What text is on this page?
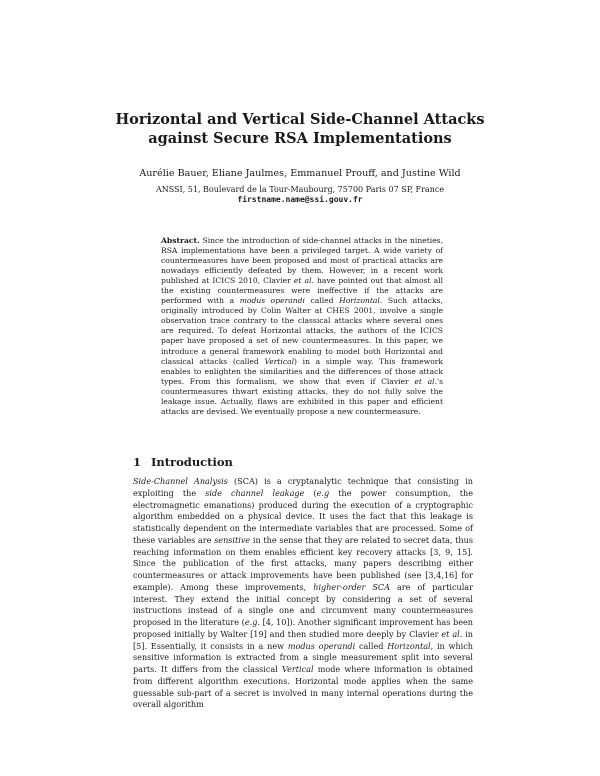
Horizontal and Vertical Side-Channel Attacks
against Secure RSA Implementations
Aurélie Bauer, Eliane Jaulmes, Emmanuel Prouff, and Justine Wild
ANSSI, 51, Boulevard de la Tour-Maubourg, 75700 Paris 07 SP, France
firstname.name@ssi.gouv.fr
Abstract. Since the introduction of side-channel attacks in the nineties, RSA implementations have been a privileged target. A wide variety of countermeasures have been proposed and most of practical attacks are nowadays efficiently defeated by them. However, in a recent work published at ICICS 2010, Clavier et al. have pointed out that almost all the existing countermeasures were ineffective if the attacks are performed with a modus operandi called Horizontal. Such attacks, originally introduced by Colin Walter at CHES 2001, involve a single observation trace contrary to the classical attacks where several ones are required. To defeat Horizontal attacks, the authors of the ICICS paper have proposed a set of new countermeasures. In this paper, we introduce a general framework enabling to model both Horizontal and classical attacks (called Vertical) in a simple way. This framework enables to enlighten the similarities and the differences of those attack types. From this formalism, we show that even if Clavier et al.'s countermeasures thwart existing attacks, they do not fully solve the leakage issue. Actually, flaws are exhibited in this paper and efficient attacks are devised. We eventually propose a new countermeasure.
1 Introduction
Side-Channel Analysis (SCA) is a cryptanalytic technique that consisting in exploiting the side channel leakage (e.g the power consumption, the electromagnetic emanations) produced during the execution of a cryptographic algorithm embedded on a physical device. It uses the fact that this leakage is statistically dependent on the intermediate variables that are processed. Some of these variables are sensitive in the sense that they are related to secret data, thus reaching information on them enables efficient key recovery attacks [3, 9, 15]. Since the publication of the first attacks, many papers describing either countermeasures or attack improvements have been published (see [3,4,16] for example). Among these improvements, higher-order SCA are of particular interest. They extend the initial concept by considering a set of several instructions instead of a single one and circumvent many countermeasures proposed in the literature (e.g. [4, 10]). Another significant improvement has been proposed initially by Walter [19] and then studied more deeply by Clavier et al. in [5]. Essentially, it consists in a new modus operandi called Horizontal, in which sensitive information is extracted from a single measurement split into several parts. It differs from the classical Vertical mode where information is obtained from different algorithm executions. Horizontal mode applies when the same guessable sub-part of a secret is involved in many internal operations during the overall algorithm
